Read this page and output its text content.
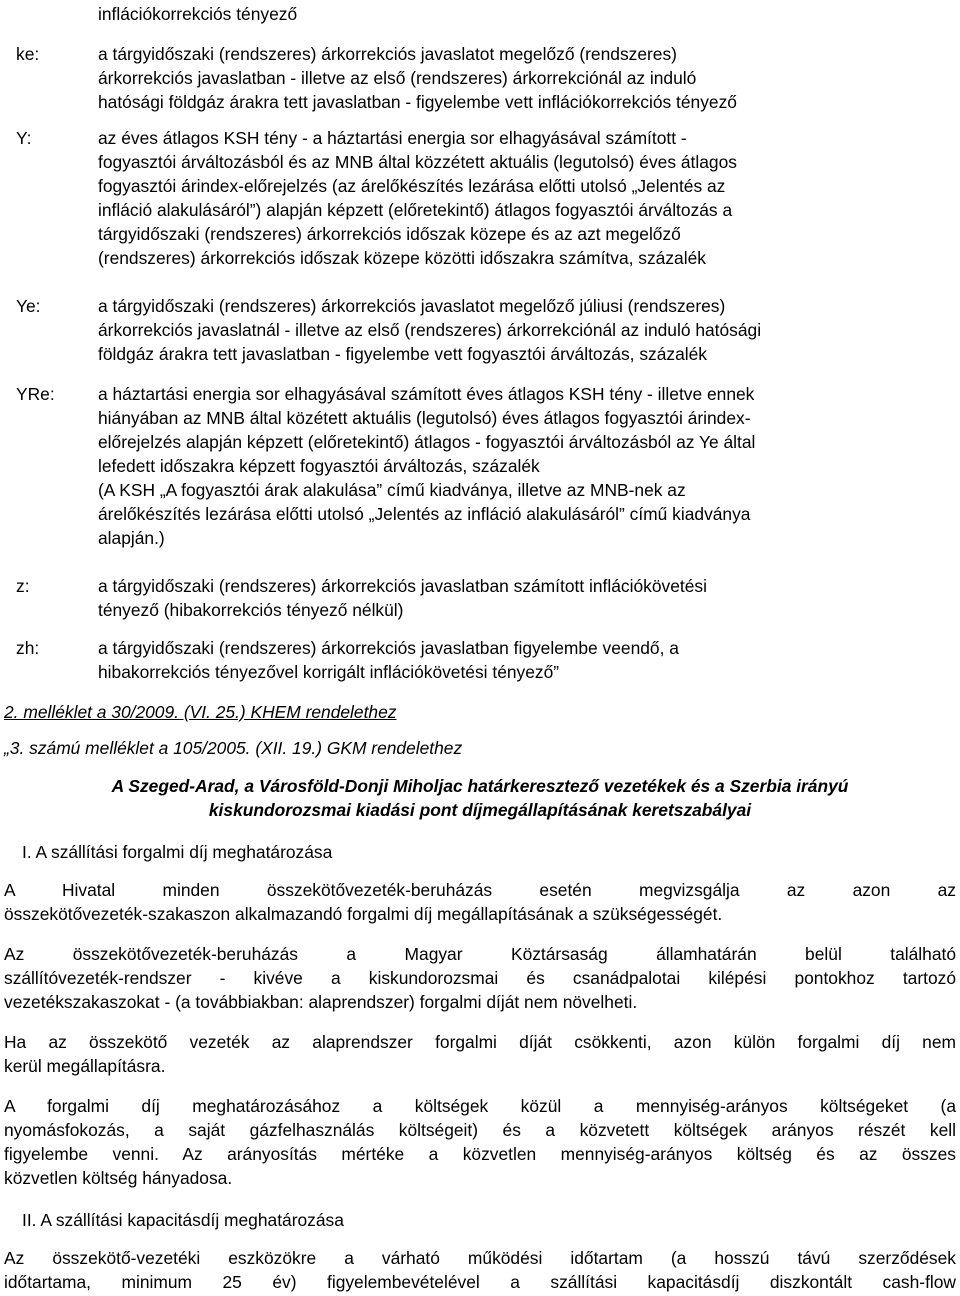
inflációkorrekciós tényező
ke:	a tárgyidőszaki (rendszeres) árkorrekciós javaslatot megelőző (rendszeres)
árkorrekciós javaslatban - illetve az első (rendszeres) árkorrekciónál az induló
hatósági földgáz árakra tett javaslatban - figyelembe vett inflációkorrekciós tényező
Y:	az éves átlagos KSH tény - a háztartási energia sor elhagyásával számított -
fogyasztói árváltozásból és az MNB által közzétett aktuális (legutolsó) éves átlagos
fogyasztói árindex-előrejelzés (az árelőkészítés lezárása előtti utolsó „Jelentés az
infláció alakulásáról”) alapján képzett (előretekintő) átlagos fogyasztói árváltozás a
tárgyidőszaki (rendszeres) árkorrekciós időszak közepe és az azt megelőző
(rendszeres) árkorrekciós időszak közepe közötti időszakra számítva, százalék
Ye:	a tárgyidőszaki (rendszeres) árkorrekciós javaslatot megelőző júliusi (rendszeres)
árkorrekciós javaslatnál - illetve az első (rendszeres) árkorrekciónál az induló hatósági
földgáz árakra tett javaslatban - figyelembe vett fogyasztói árváltozás, százalék
YRe: a háztartási energia sor elhagyásával számított éves átlagos KSH tény - illetve ennek
hiányában az MNB által közétett aktuális (legutolsó) éves átlagos fogyasztói árindex-
előrejelzés alapján képzett (előretekintő) átlagos - fogyasztói árváltozásból az Ye által
lefedett időszakra képzett fogyasztói árváltozás, százalék
(A KSH „A fogyasztói árak alakulása” című kiadványa, illetve az MNB-nek az
árelőkészítés lezárása előtti utolsó „Jelentés az infláció alakulásáról” című kiadványa
alapján.)
z:	a tárgyidőszaki (rendszeres) árkorrekciós javaslatban számított inflációkövetési
tényező (hibakorrekciós tényező nélkül)
zh:	a tárgyidőszaki (rendszeres) árkorrekciós javaslatban figyelembe veendő, a
hibakorrekciós tényezővel korrigált inflációkövetési tényező”
2. melléklet a 30/2009. (VI. 25.) KHEM rendelethez
„3. számú melléklet a 105/2005. (XII. 19.) GKM rendelethez
A Szeged-Arad, a Városföld-Donji Miholjac határkeresztező vezetékek és a Szerbia irányú
kiskundorozsmai kiadási pont díjmegállapításának keretszabályai
I. A szállítási forgalmi díj meghatározása
A Hivatal minden összekötővezeték-beruházás esetén megvizsgálja az azon az
összekötővezeték-szakaszon alkalmazandó forgalmi díj megállapításának a szükségességét.
Az összekötővezeték-beruházás a Magyar Köztársaság államhatárán belül található
szállítóvezeték-rendszer - kivéve a kiskundorozsmai és csanádpalotai kilépési pontokhoz tartozó
vezetékszakaszokat - (a továbbiakban: alaprendszer) forgalmi díját nem növelheti.
Ha az összekötő vezeték az alaprendszer forgalmi díját csökkenti, azon külön forgalmi díj nem
kerül megállapításra.
A forgalmi díj meghatározásához a költségek közül a mennyiség-arányos költségeket (a
nyomásfokozás, a saját gázfelhasználás költségeit) és a közvetett költségek arányos részét kell
figyelembe venni. Az arányosítás mértéke a közvetlen mennyiség-arányos költség és az összes
közvetlen költség hányadosa.
II. A szállítási kapacitásdíj meghatározása
Az összekötő-vezetéki eszközökre a várható működési időtartam (a hosszú távú szerződések
időtartama, minimum 25 év) figyelembevételével a szállítási kapacitásdíj diszkontált cash-flow
